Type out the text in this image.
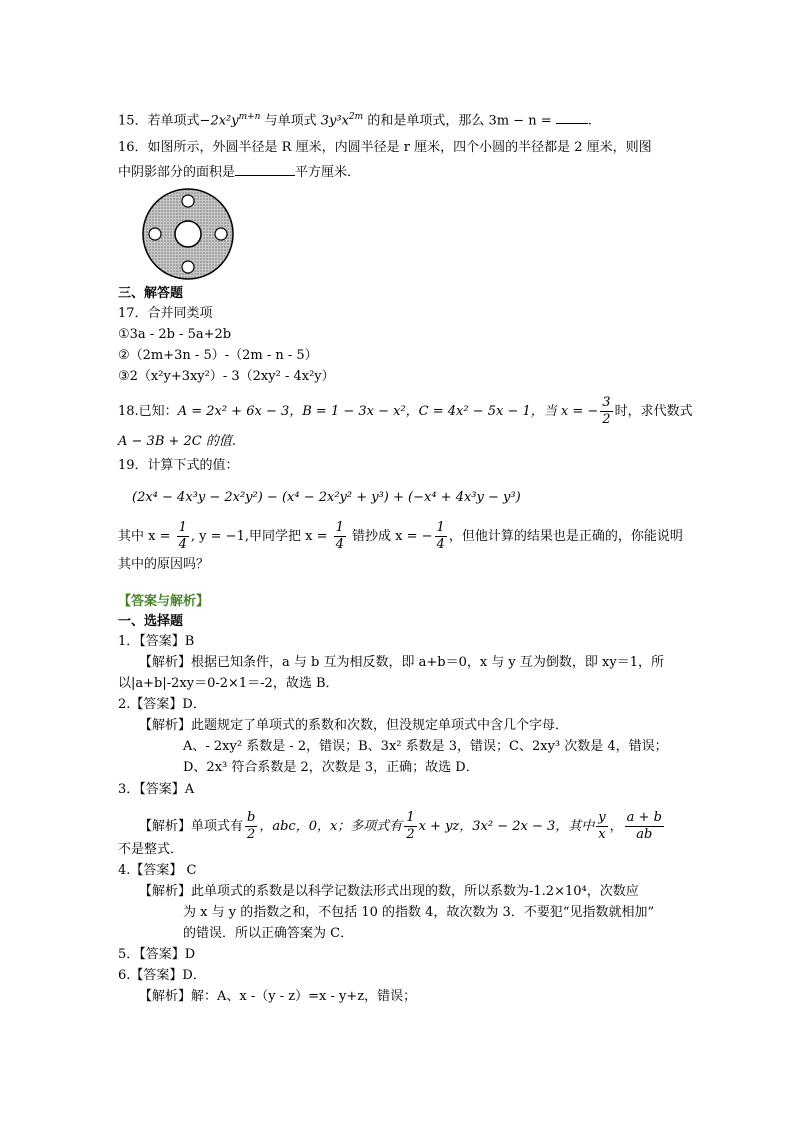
15．若单项式$-2x^2y^{m+n}$ 与单项式 $3y^3x^{2m}$ 的和是单项式，那么 3m − n = .
16．如图所示，外圆半径是 R 厘米，内圆半径是 r 厘米，四个小圆的半径都是 2 厘米，则图
中阴影部分的面积是	平方厘米．
三、解答题
17．合并同类项
①3a - 2b - 5a+2b
②（2m+3n - 5）-（2m - n - 5）
③2（x²y+3xy²）- 3（2xy² - 4x²y）
18.已知：A = 2x² + 6x − 3，B = 1 − 3x − x²，C = 4x² − 5x − 1，当 x = − $\frac{3}{2}$ 时，求代数式
A − 3B + 2C 的值.
19．计算下式的值：
(2x⁴ − 4x³y − 2x²y²) − (x⁴ − 2x²y² + y³) + (−x⁴ + 4x³y − y³)
其中 $x = \frac{1}{4}$ , y = −1,甲同学把 $x = \frac{1}{4}$ 错抄成 x = − $\frac{1}{4}$ ，但他计算的结果也是正确的，你能说明
其中的原因吗？
【答案与解析】
一、选择题
1．【答案】B
【解析】根据已知条件，a 与 b 互为相反数，即 a+b＝0，x 与 y 互为倒数，即 xy＝1，所
以|a+b|-2xy＝0-2×1＝-2，故选 B．
2.【答案】D．
【解析】此题规定了单项式的系数和次数，但没规定单项式中含几个字母．
A、- 2xy² 系数是 - 2，错误；B、3x² 系数是 3，错误；C、2xy³ 次数是 4，错误；
D、2x³ 符合系数是 2，次数是 3，正确；故选 D．
3．【答案】A
【解析】单项式有 $\frac{b}{2}$ ，abc，0，x；多项式有 $\frac{1}{2}$ x + yz，3x² − 2x − 3，其中 $\frac{y}{x}$ ， $\frac{a + b}{ab}$
不是整式．
4.【答案】 C
【解析】此单项式的系数是以科学记数法形式出现的数，所以系数为-1.2×10⁴，次数应
为 x 与 y 的指数之和，不包括 10 的指数 4，故次数为 3．不要犯“见指数就相加”
的错误．所以正确答案为 C．
5．【答案】D
6.【答案】D．
【解析】解：A、x -（y - z）=x - y+z，错误；
